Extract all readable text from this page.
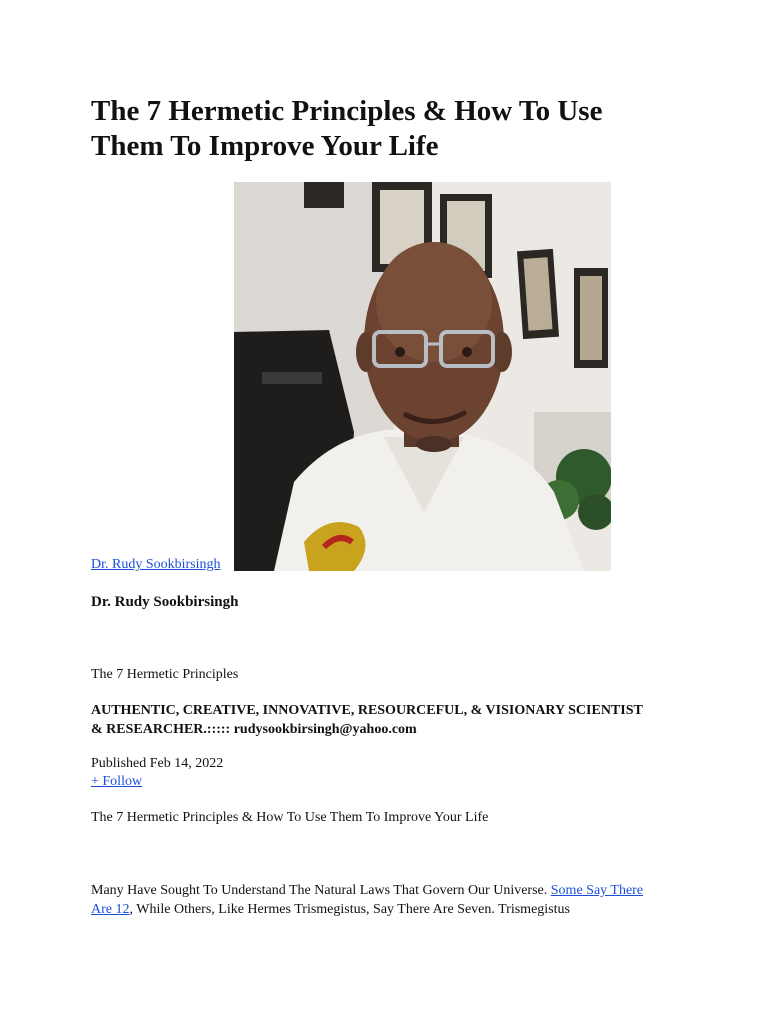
The 7 Hermetic Principles & How To Use Them To Improve Your Life
Dr. Rudy Sookbirsingh
Dr. Rudy Sookbirsingh
The 7 Hermetic Principles
AUTHENTIC, CREATIVE, INNOVATIVE, RESOURCEFUL, & VISIONARY SCIENTIST & RESEARCHER.::::: rudysookbirsingh@yahoo.com
Published Feb 14, 2022
+ Follow
The 7 Hermetic Principles & How To Use Them To Improve Your Life

Many Have Sought To Understand The Natural Laws That Govern Our Universe. Some Say There Are 12, While Others, Like Hermes Trismegistus, Say There Are Seven. Trismegistus
